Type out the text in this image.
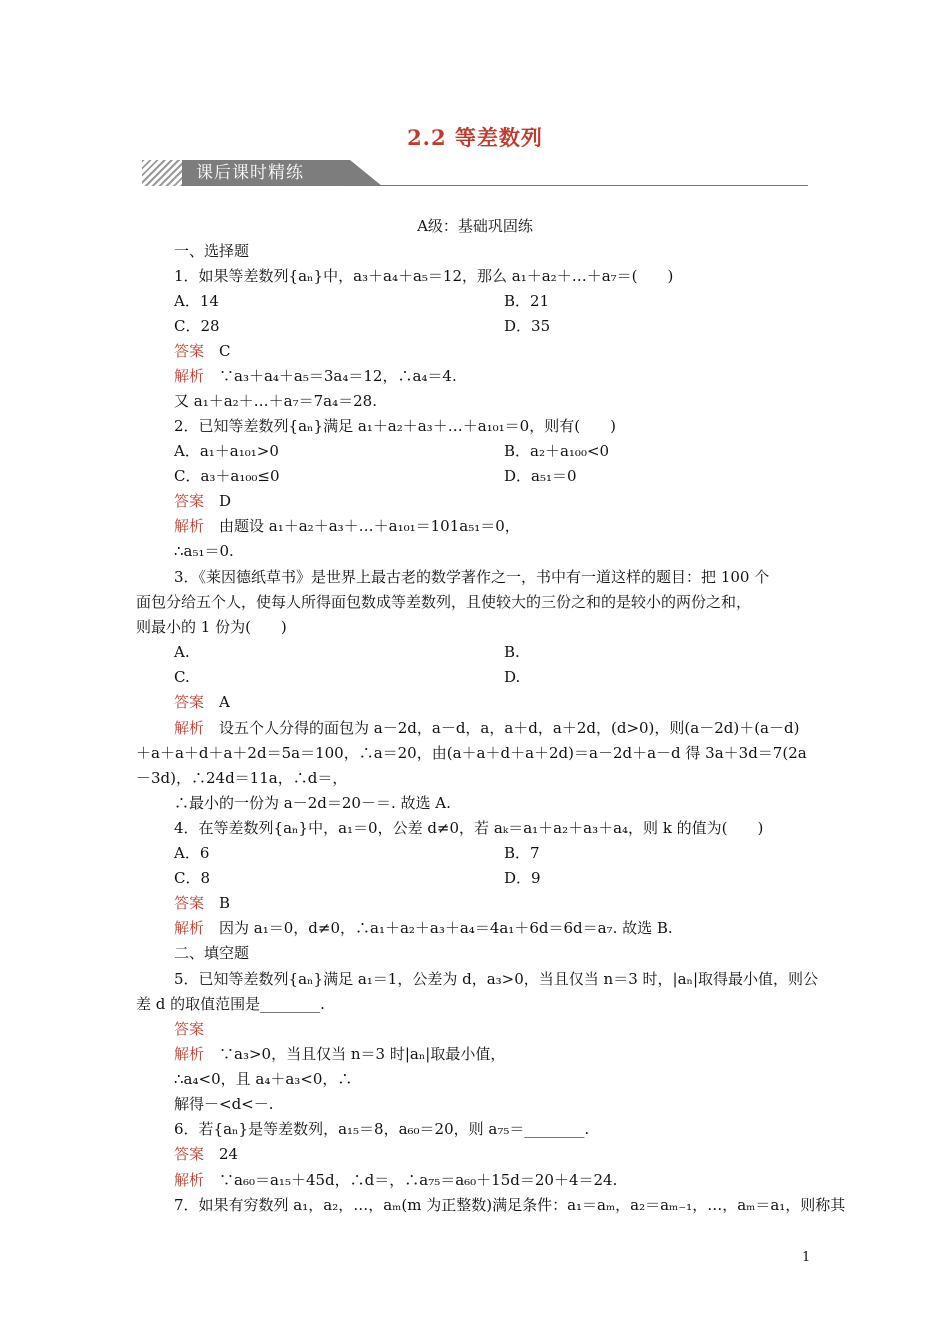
2.2 等差数列
课后课时精练
A级：基础巩固练
一、选择题
1．如果等差数列{aₙ}中，a₃＋a₄＋a₅＝12，那么 a₁＋a₂＋…＋a₇＝(　　)
A．14	B．21
C．28	D．35
答案　C
解析　∵a₃＋a₄＋a₅＝3a₄＝12，∴a₄＝4.
又 a₁＋a₂＋…＋a₇＝7a₄＝28.
2．已知等差数列{aₙ}满足 a₁＋a₂＋a₃＋…＋a₁₀₁＝0，则有(　　)
A．a₁＋a₁₀₁>0	B．a₂＋a₁₀₀<0
C．a₃＋a₁₀₀≤0	D．a₅₁＝0
答案　D
解析　由题设 a₁＋a₂＋a₃＋…＋a₁₀₁＝101a₅₁＝0，
∴a₅₁＝0.
3．《莱因德纸草书》是世界上最古老的数学著作之一，书中有一道这样的题目：把 100 个
面包分给五个人，使每人所得面包数成等差数列，且使较大的三份之和的是较小的两份之和，
则最小的 1 份为(　　)
A.	B.
C.	D.
答案　A
解析　设五个人分得的面包为 a－2d，a－d，a，a＋d，a＋2d，(d>0)，则(a－2d)＋(a－d)
＋a＋a＋d＋a＋2d＝5a＝100，∴a＝20，由(a＋a＋d＋a＋2d)＝a－2d＋a－d 得 3a＋3d＝7(2a
－3d)，∴24d＝11a，∴d＝，
∴最小的一份为 a－2d＝20－＝. 故选 A.
4．在等差数列{aₙ}中，a₁＝0，公差 d≠0，若 aₖ＝a₁＋a₂＋a₃＋a₄，则 k 的值为(　　)
A．6	B．7
C．8	D．9
答案　B
解析　因为 a₁＝0，d≠0，∴a₁＋a₂＋a₃＋a₄＝4a₁＋6d＝6d＝a₇. 故选 B.
二、填空题
5．已知等差数列{aₙ}满足 a₁＝1，公差为 d，a₃>0，当且仅当 n＝3 时，|aₙ|取得最小值，则公
差 d 的取值范围是________.
答案　
解析　∵a₃>0，当且仅当 n＝3 时|aₙ|取最小值，
∴a₄<0，且 a₄＋a₃<0，∴
解得－<d<－.
6．若{aₙ}是等差数列，a₁₅＝8，a₆₀＝20，则 a₇₅＝________.
答案　24
解析　∵a₆₀＝a₁₅＋45d，∴d＝，∴a₇₅＝a₆₀＋15d＝20＋4＝24.
7．如果有穷数列 a₁，a₂，…，aₘ(m 为正整数)满足条件：a₁＝aₘ，a₂＝aₘ₋₁，…，aₘ＝a₁，则称其
1
